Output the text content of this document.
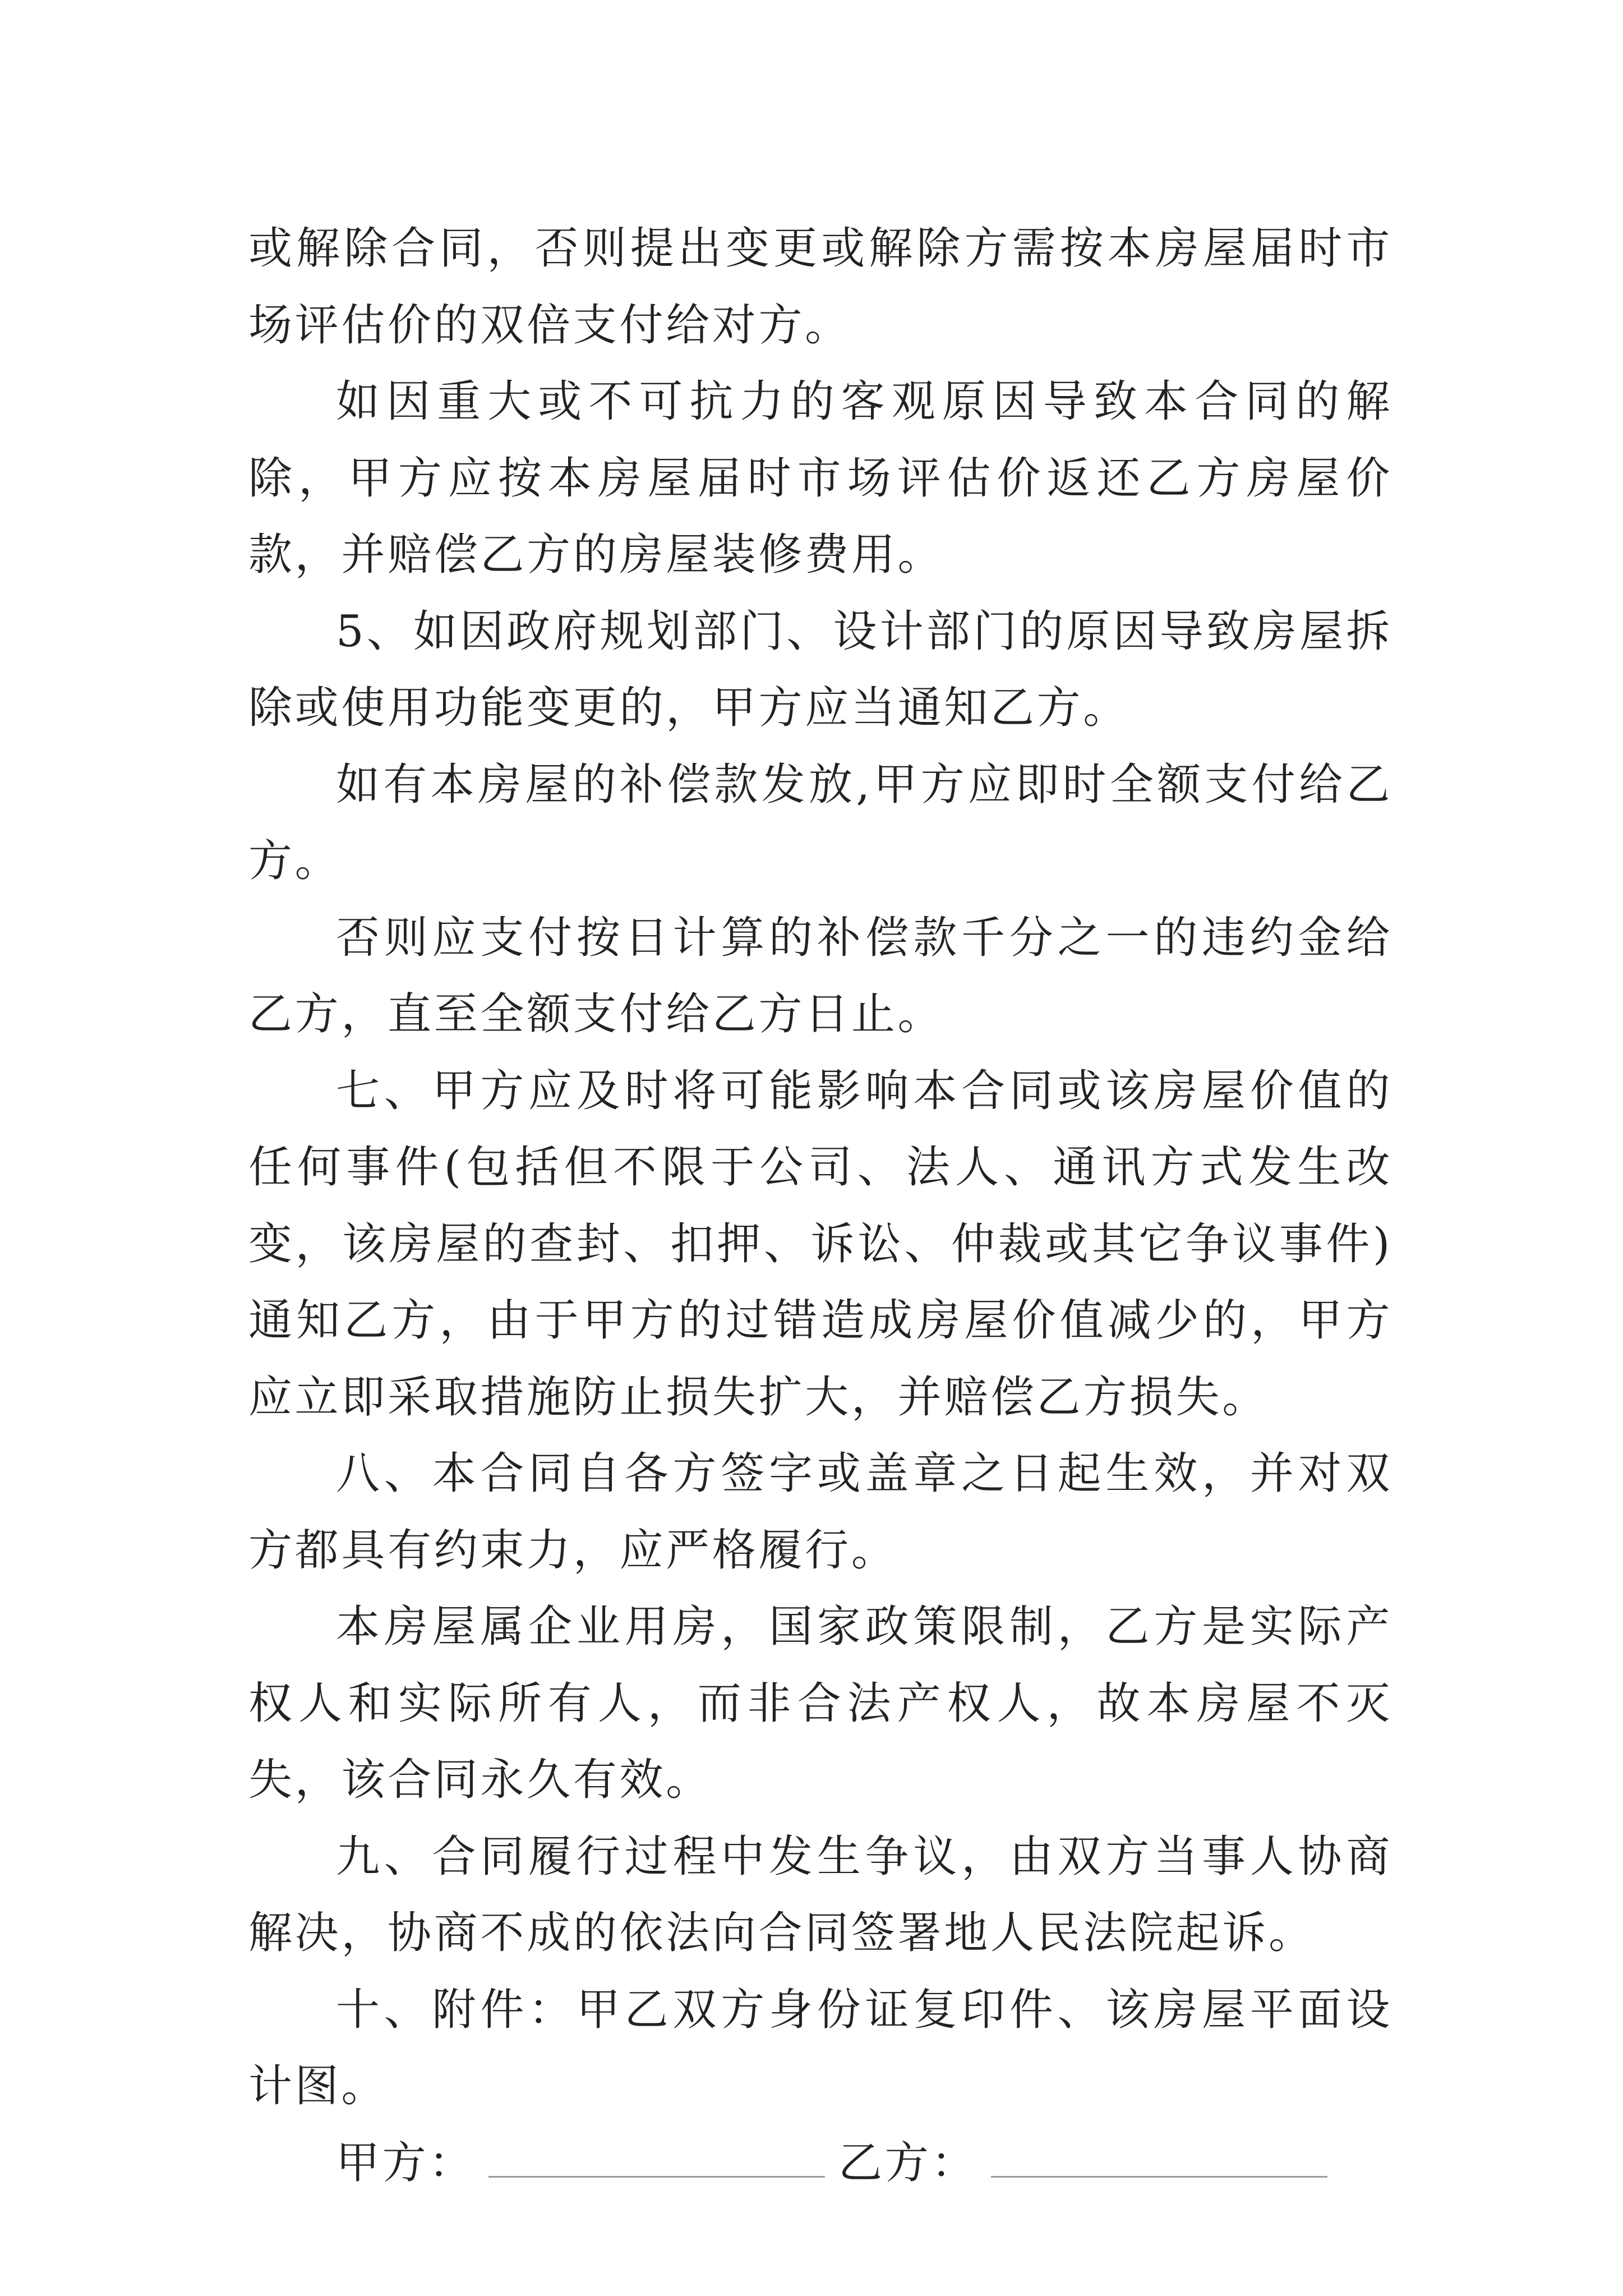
或解除合同，否则提出变更或解除方需按本房屋届时市场评估价的双倍支付给对方。

如因重大或不可抗力的客观原因导致本合同的解除，甲方应按本房屋届时市场评估价返还乙方房屋价款，并赔偿乙方的房屋装修费用。

5、如因政府规划部门、设计部门的原因导致房屋拆除或使用功能变更的，甲方应当通知乙方。

如有本房屋的补偿款发放,甲方应即时全额支付给乙方。

否则应支付按日计算的补偿款千分之一的违约金给乙方，直至全额支付给乙方日止。

七、甲方应及时将可能影响本合同或该房屋价值的任何事件(包括但不限于公司、法人、通讯方式发生改变，该房屋的查封、扣押、诉讼、仲裁或其它争议事件)通知乙方，由于甲方的过错造成房屋价值减少的，甲方应立即采取措施防止损失扩大，并赔偿乙方损失。

八、本合同自各方签字或盖章之日起生效，并对双方都具有约束力，应严格履行。

本房屋属企业用房，国家政策限制，乙方是实际产权人和实际所有人，而非合法产权人，故本房屋不灭失，该合同永久有效。

九、合同履行过程中发生争议，由双方当事人协商解决，协商不成的依法向合同签署地人民法院起诉。

十、附件：甲乙双方身份证复印件、该房屋平面设计图。

甲方：	乙方：
